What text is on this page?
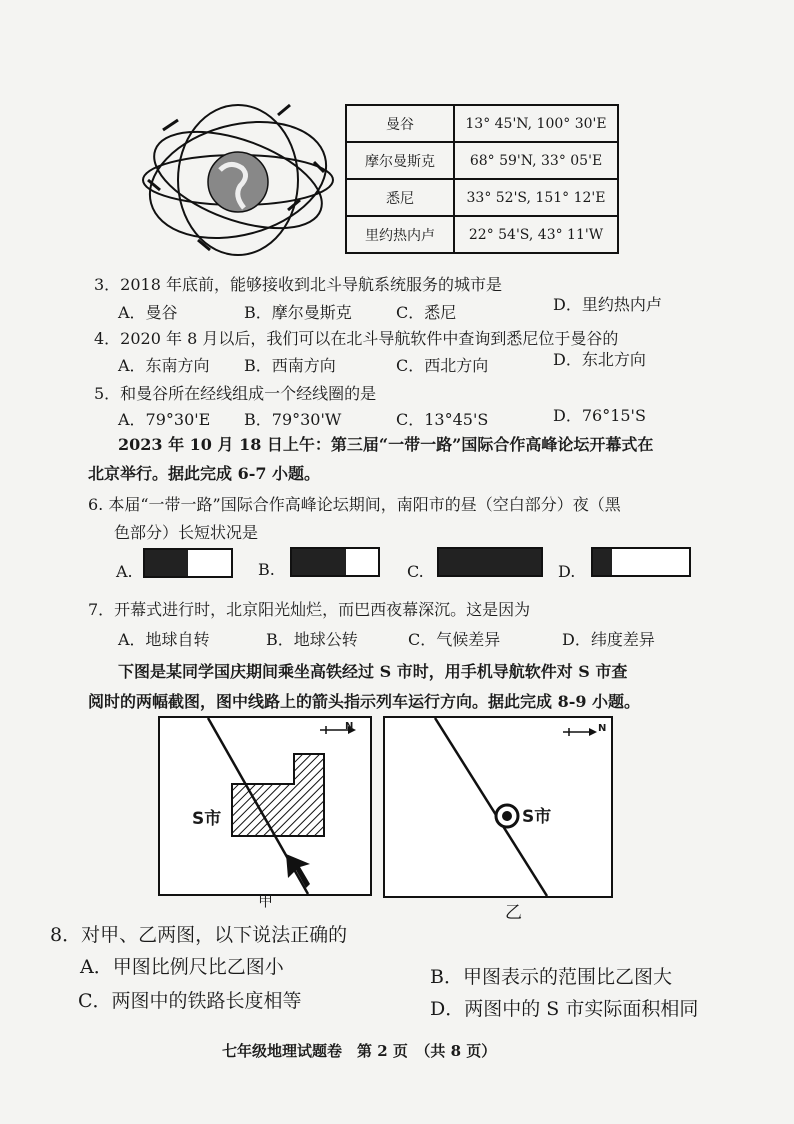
曼谷	13° 45'N, 100° 30'E
摩尔曼斯克	68° 59'N, 33° 05'E
悉尼	33° 52'S, 151° 12'E
里约热内卢	22° 54'S, 43° 11'W
3．2018 年底前，能够接收到北斗导航系统服务的城市是
A．曼谷	B．摩尔曼斯克	C．悉尼	D．里约热内卢
4．2020 年 8 月以后，我们可以在北斗导航软件中查询到悉尼位于曼谷的
A．东南方向 B．西南方向	C．西北方向	D．东北方向
5．和曼谷所在经线组成一个经线圈的是
A．79°30'E B．79°30'W	C．13°45'S	D．76°15'S
2023 年 10 月 18 日上午：第三届“一带一路”国际合作高峰论坛开幕式在
北京举行。据此完成 6-7 小题。
6. 本届“一带一路”国际合作高峰论坛期间，南阳市的昼（空白部分）夜（黑
色部分）长短状况是
A.	B.	C.	D.
7．开幕式进行时，北京阳光灿烂，而巴西夜幕深沉。这是因为
A．地球自转	B．地球公转	C．气候差异	D．纬度差异
下图是某同学国庆期间乘坐高铁经过 S 市时，用手机导航软件对 S 市查
阅时的两幅截图，图中线路上的箭头指示列车运行方向。据此完成 8-9 小题。
S市
N
甲
S市
N
乙
8．对甲、乙两图，以下说法正确的
A．甲图比例尺比乙图小	B．甲图表示的范围比乙图大
C．两图中的铁路长度相等	D．两图中的 S 市实际面积相同
七年级地理试题卷　第 2 页　（共 8 页）
